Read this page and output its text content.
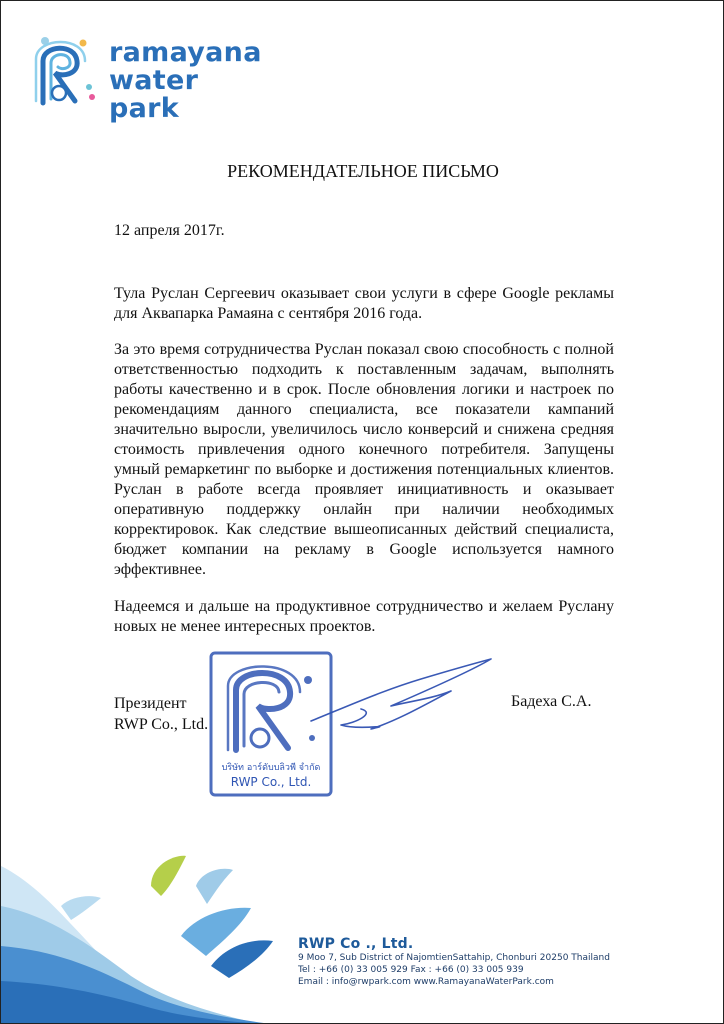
ramayana
water park
РЕКОМЕНДАТЕЛЬНОЕ ПИСЬМО
12 апреля 2017г.

Тула Руслан Сергеевич оказывает свои услуги в сфере Google рекламы для Аквапарка Рамаяна с сентября 2016 года.

За это время сотрудничества Руслан показал свою способность с полной ответственностью подходить к поставленным задачам, выполнять работы качественно и в срок. После обновления логики и настроек по рекомендациям данного специалиста, все показатели кампаний значительно выросли, увеличилось число конверсий и снижена средняя стоимость привлечения одного конечного потребителя. Запущены умный ремаркетинг по выборке и достижения потенциальных клиентов. Руслан в работе всегда проявляет инициативность и оказывает оперативную поддержку онлайн при наличии необходимых корректировок. Как следствие вышеописанных действий специалиста, бюджет компании на рекламу в Google используется намного эффективнее.

Надеемся и дальше на продуктивное сотрудничество и желаем Руслану новых не менее интересных проектов.

Президент
RWP Co., Ltd.
Бадеха С.А.
บริษัท อาร์ดับบลิวพี จำกัด
RWP Co., Ltd.
RWP Co ., Ltd.
9 Moo 7, Sub District of NajomtienSattahip, Chonburi 20250 Thailand
Tel : +66 (0) 33 005 929 Fax : +66 (0) 33 005 939
Email : info@rwpark.com www.RamayanaWaterPark.com
